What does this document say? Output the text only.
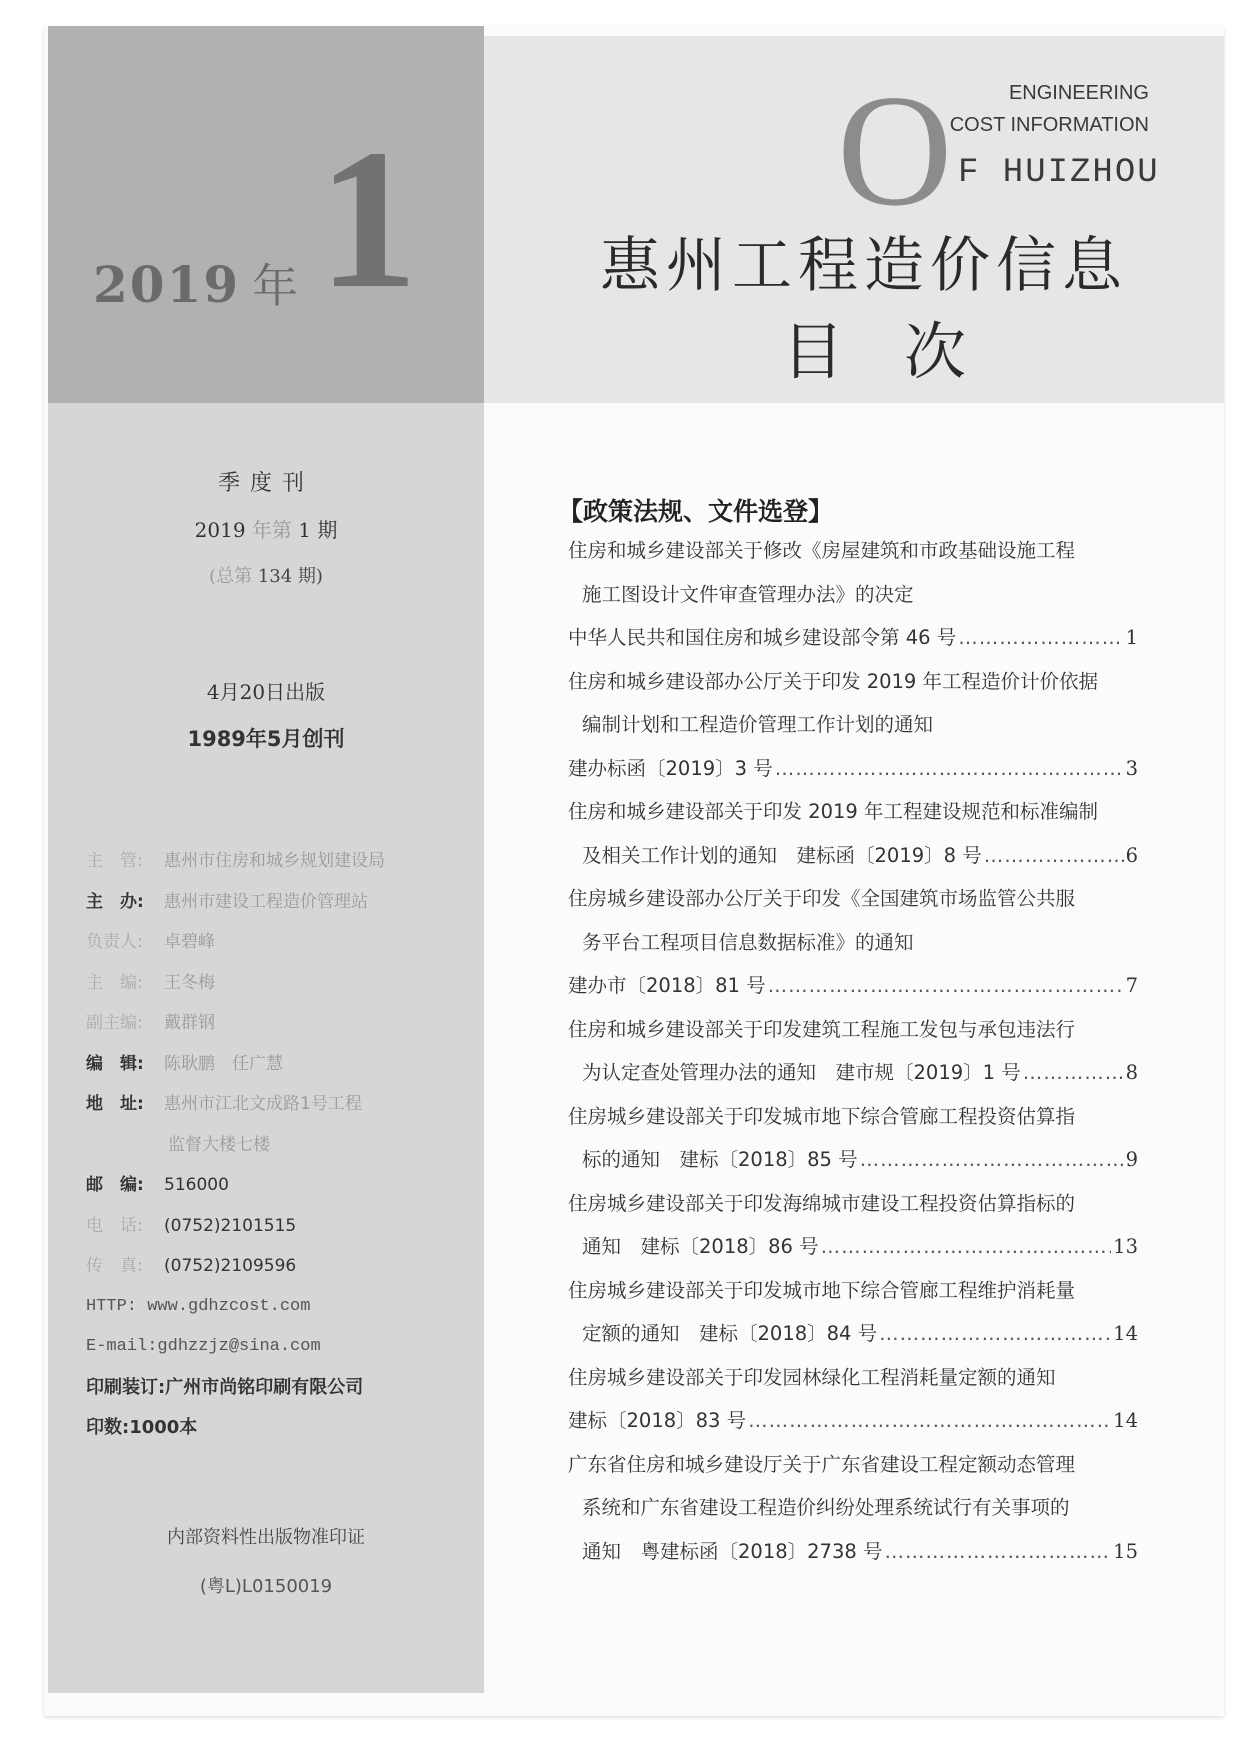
2019 年 1	O	ENGINEERING
COST INFORMATION
F HUIZHOU
惠州工程造价信息
目次
季度刊
2019 年第 1 期
(总第 134 期)
4月20日出版
1989年5月创刊
主　管: 惠州市住房和城乡规划建设局
主　办: 惠州市建设工程造价管理站
负责人: 卓碧峰
主　编: 王冬梅
副主编: 戴群钢
编　辑: 陈耿鹏　任广慧
地　址: 惠州市江北文成路1号工程
监督大楼七楼
邮　编: 516000
电　话: (0752)2101515
传　真: (0752)2109596
HTTP: www.gdhzcost.com
E-mail:gdhzzjz@sina.com
印刷装订:广州市尚铭印刷有限公司
印数:1000本
内部资料性出版物准印证
(粤L)L0150019
【政策法规、文件选登】
住房和城乡建设部关于修改《房屋建筑和市政基础设施工程
施工图设计文件审查管理办法》的决定
中华人民共和国住房和城乡建设部令第 46 号 ……………………………………………………………………………………	1
住房和城乡建设部办公厅关于印发 2019 年工程造价计价依据
编制计划和工程造价管理工作计划的通知
建办标函〔2019〕3 号 ……………………………………………………………………………………	3
住房和城乡建设部关于印发 2019 年工程建设规范和标准编制
及相关工作计划的通知　建标函〔2019〕8 号 ……………………………………………………………………………………	6
住房城乡建设部办公厅关于印发《全国建筑市场监管公共服
务平台工程项目信息数据标准》的通知
建办市〔2018〕81 号 ……………………………………………………………………………………	7
住房和城乡建设部关于印发建筑工程施工发包与承包违法行
为认定查处管理办法的通知　建市规〔2019〕1 号 ……………………………………………………………………………………	8
住房城乡建设部关于印发城市地下综合管廊工程投资估算指
标的通知　建标〔2018〕85 号 ……………………………………………………………………………………	9
住房城乡建设部关于印发海绵城市建设工程投资估算指标的
通知　建标〔2018〕86 号 ……………………………………………………………………………………	13
住房城乡建设部关于印发城市地下综合管廊工程维护消耗量
定额的通知　建标〔2018〕84 号 ……………………………………………………………………………………	14
住房城乡建设部关于印发园林绿化工程消耗量定额的通知
建标〔2018〕83 号 ……………………………………………………………………………………	14
广东省住房和城乡建设厅关于广东省建设工程定额动态管理
系统和广东省建设工程造价纠纷处理系统试行有关事项的
通知　粤建标函〔2018〕2738 号 ……………………………………………………………………………………	15
